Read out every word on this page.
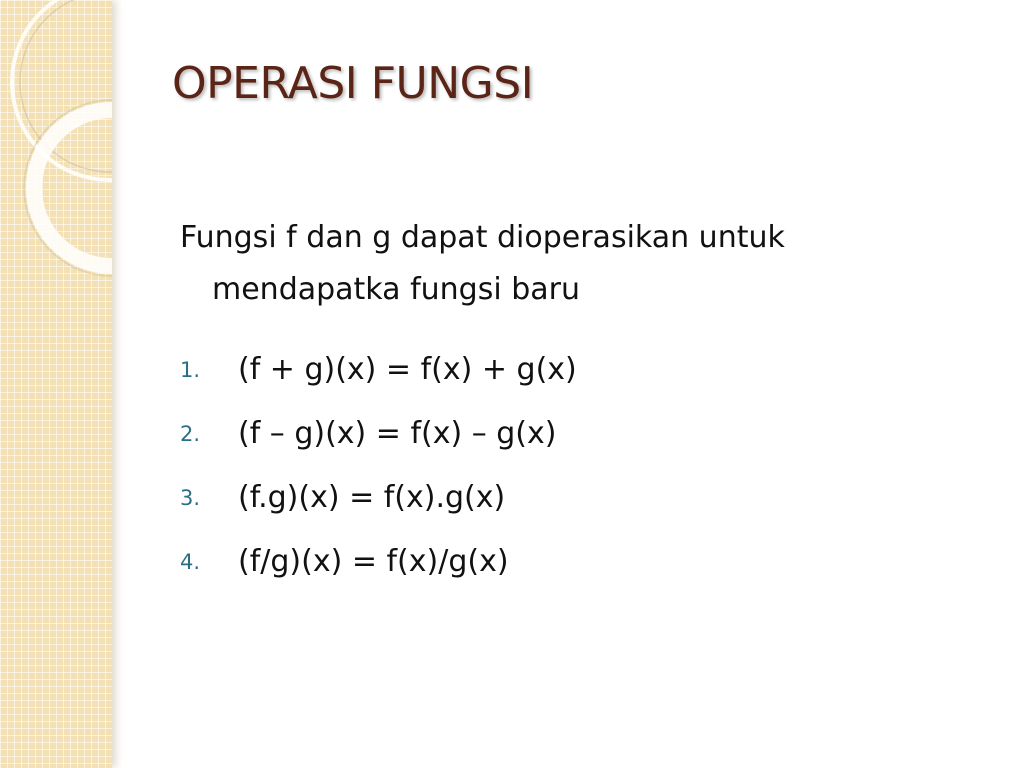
OPERASI FUNGSI

Fungsi f dan g dapat dioperasikan untuk
mendapatka fungsi baru

1. (f + g)(x) = f(x) + g(x)
2. (f – g)(x) = f(x) – g(x)
3. (f.g)(x) = f(x).g(x)
4. (f/g)(x) = f(x)/g(x)
